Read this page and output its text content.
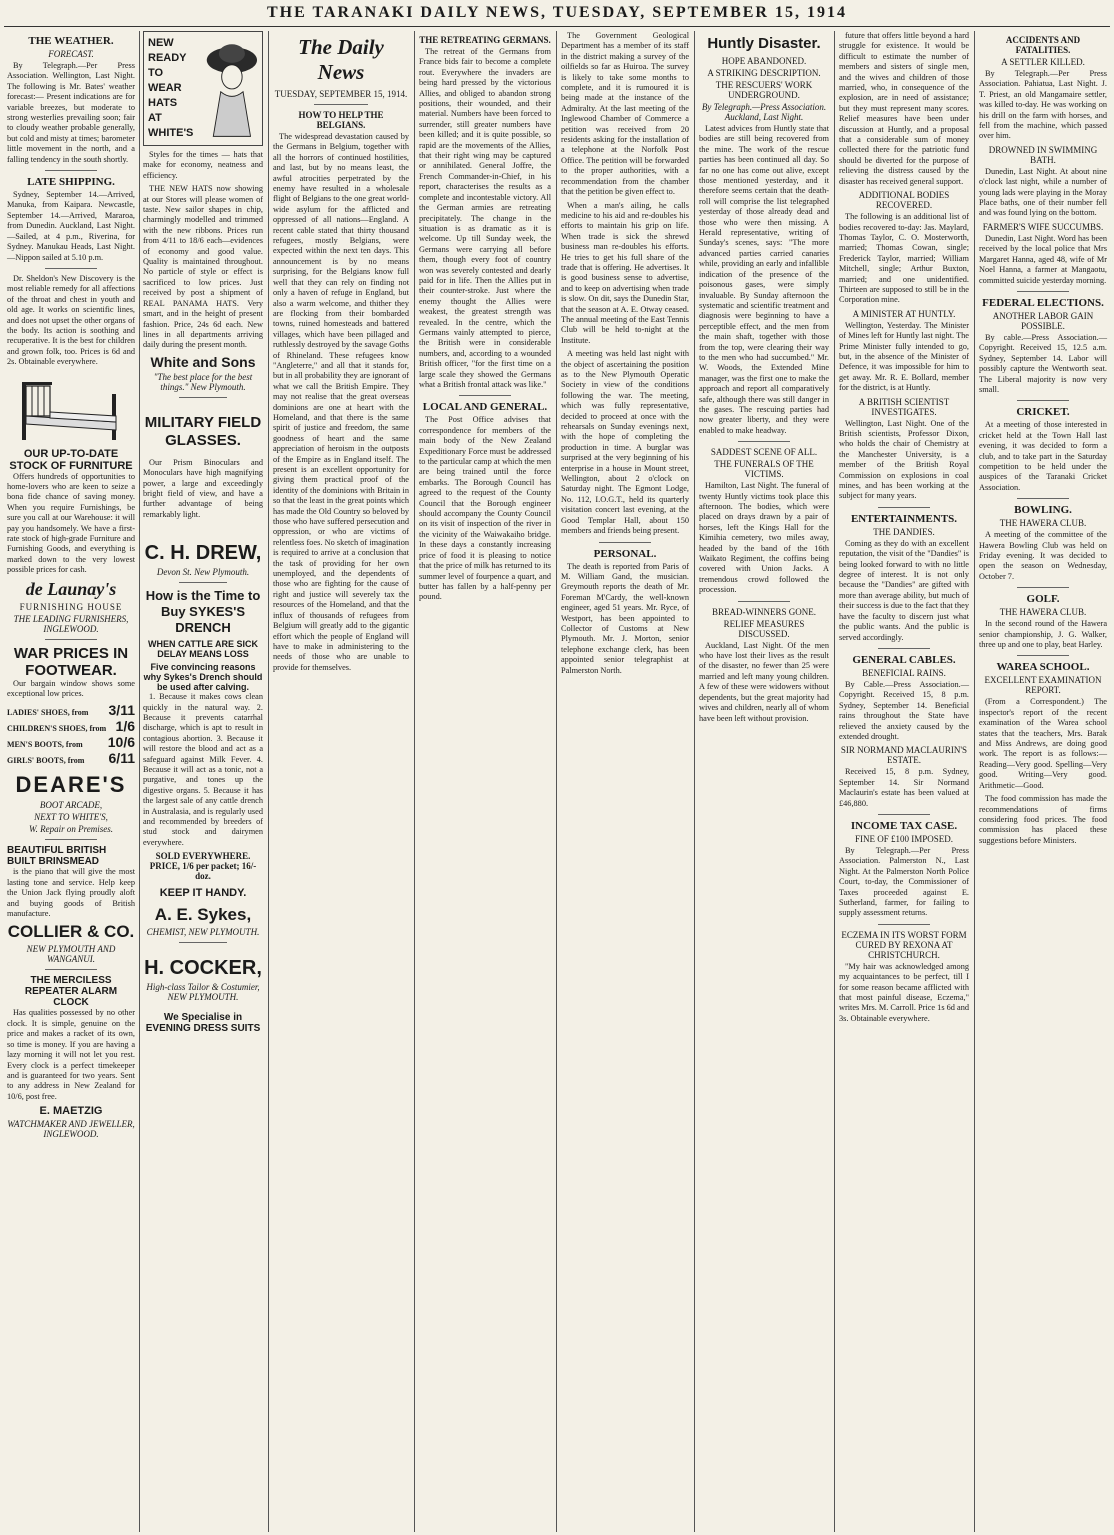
THE TARANAKI DAILY NEWS, TUESDAY, SEPTEMBER 15, 1914
THE WEATHER.
FORECAST.

By Telegraph.—Per Press Association. Wellington, Last Night. The following is Mr. Bates' weather forecast:— Present indications are for variable breezes, but moderate to strong westerlies prevailing soon; fair to cloudy weather probable generally, but cold and misty at times; barometer little movement in the north, and a falling tendency in the south shortly.

LATE SHIPPING.

Sydney, September 14.—Arrived, Manuka, from Kaipara. Newcastle, September 14.—Arrived, Mararoa, from Dunedin. Auckland, Last Night.—Sailed, at 4 p.m., Riverina, for Sydney. Manukau Heads, Last Night.—Nippon sailed at 5.10 p.m.

Dr. Sheldon's New Discovery is the most reliable remedy for all affections of the throat and chest in youth and old age. It works on scientific lines, and does not upset the other organs of the body. Its action is soothing and recuperative. It is the best for children and grown folk, too. Prices is 6d and 2s. Obtainable everywhere.

OUR UP-TO-DATE STOCK OF FURNITURE

Offers hundreds of opportunities to home-lovers who are keen to seize a bona fide chance of saving money. When you require Furnishings, be sure you call at our Warehouse: it will pay you handsomely. We have a first-rate stock of high-grade Furniture and Furnishing Goods, and everything is marked down to the very lowest possible prices for cash.

de Launay's
FURNISHING HOUSE
THE LEADING FURNISHERS, INGLEWOOD.
WAR PRICES IN FOOTWEAR.

Our bargain window shows some exceptional low prices.

LADIES' SHOES, from 3/11
CHILDREN'S SHOES, from 1/6
MEN'S BOOTS, from 10/6
GIRLS' BOOTS, from 6/11
DEARE'S
BOOT ARCADE,
NEXT TO WHITE'S,
W. Repair on Premises.
BEAUTIFUL BRITISH BUILT BRINSMEAD

is the piano that will give the most lasting tone and service. Help keep the Union Jack flying proudly aloft and buying goods of British manufacture.

COLLIER & CO.
NEW PLYMOUTH AND WANGANUI.
THE MERCILESS REPEATER ALARM CLOCK

Has qualities possessed by no other clock. It is simple, genuine on the price and makes a racket of its own, so time is money. If you are having a lazy morning it will not let you rest. Every clock is a perfect timekeeper and is guaranteed for two years. Sent to any address in New Zealand for 10/6, post free.

E. MAETZIG
WATCHMAKER AND JEWELLER, INGLEWOOD.
NEW
READY
TO
WEAR
HATS
AT
WHITE'S

Styles for the times — hats that make for economy, neatness and efficiency.

THE NEW HATS now showing at our Stores will please women of taste. New sailor shapes in chip, charmingly modelled and trimmed with the new ribbons. Prices run from 4/11 to 18/6 each—evidences of economy and good value. Quality is maintained throughout. No particle of style or effect is sacrificed to low prices. Just received by post a shipment of REAL PANAMA HATS. Very smart, and in the height of present fashion. Price, 24s 6d each. New lines in all departments arriving daily during the present month.

White and Sons
"The best place for the best things." New Plymouth.
MILITARY FIELD GLASSES.

Our Prism Binoculars and Monoculars have high magnifying power, a large and exceedingly bright field of view, and have a further advantage of being remarkably light.

C. H. DREW,
Devon St. New Plymouth.
How is the Time to Buy SYKES'S DRENCH
WHEN CATTLE ARE SICK DELAY MEANS LOSS
Five convincing reasons why Sykes's Drench should be used after calving.

1. Because it makes cows clean quickly in the natural way. 2. Because it prevents catarrhal discharge, which is apt to result in contagious abortion. 3. Because it will restore the blood and act as a safeguard against Milk Fever. 4. Because it will act as a tonic, not a purgative, and tones up the digestive organs. 5. Because it has the largest sale of any cattle drench in Australasia, and is regularly used and recommended by breeders of stud stock and dairymen everywhere.

SOLD EVERYWHERE. PRICE, 1/6 per packet; 16/- doz.
KEEP IT HANDY.
A. E. Sykes,
CHEMIST, NEW PLYMOUTH.
H. COCKER,
High-class Tailor & Costumier, NEW PLYMOUTH.
We Specialise in EVENING DRESS SUITS
The Daily News
TUESDAY, SEPTEMBER 15, 1914.
HOW TO HELP THE BELGIANS.

The widespread devastation caused by the Germans in Belgium, together with all the horrors of continued hostilities, and last, but by no means least, the awful atrocities perpetrated by the enemy have resulted in a wholesale flight of Belgians to the one great world-wide asylum for the afflicted and oppressed of all nations—England. A recent cable stated that thirty thousand refugees, mostly Belgians, were expected within the next ten days. This announcement is by no means surprising, for the Belgians know full well that they can rely on finding not only a haven of refuge in England, but also a warm welcome, and thither they are flocking from their bombarded towns, ruined homesteads and battered villages, which have been pillaged and ruthlessly destroyed by the savage Goths of Rhineland. These refugees know "Angleterre," and all that it stands for, but in all probability they are ignorant of what we call the British Empire. They may not realise that the great overseas dominions are one at heart with the Homeland, and that there is the same spirit of justice and freedom, the same goodness of heart and the same appreciation of heroism in the outposts of the Empire as in England itself. The present is an excellent opportunity for giving them practical proof of the identity of the dominions with Britain in so that the least in the great points which has made the Old Country so beloved by those who have suffered persecution and oppression, or who are victims of relentless foes. No sketch of imagination is required to arrive at a conclusion that the task of providing for her own unemployed, and the dependents of those who are fighting for the cause of right and justice will severely tax the resources of the Homeland, and that the influx of thousands of refugees from Belgium will greatly add to the gigantic effort which the people of England will have to make in administering to the needs of those who are unable to provide for themselves.

THE RETREATING GERMANS.

The retreat of the Germans from France bids fair to become a complete rout. Everywhere the invaders are being hard pressed by the victorious Allies, and obliged to abandon strong positions, their wounded, and their material. Numbers have been forced to surrender, still greater numbers have been killed; and it is quite possible, so rapid are the movements of the Allies, that their right wing may be captured or annihilated. General Joffre, the French Commander-in-Chief, in his report, characterises the results as a complete and incontestable victory. All the German armies are retreating precipitately. The change in the situation is as dramatic as it is welcome. Up till Sunday week, the Germans were carrying all before them, though every foot of country won was severely contested and dearly paid for in life. Then the Allies put in their counter-stroke. Just where the enemy thought the Allies were weakest, the greatest strength was revealed. In the centre, which the Germans vainly attempted to pierce, the British were in considerable numbers, and, according to a wounded British officer, "for the first time on a large scale they showed the Germans what a British frontal attack was like."

LOCAL AND GENERAL.

The Post Office advises that correspondence for members of the main body of the New Zealand Expeditionary Force must be addressed to the particular camp at which the men are being trained until the force embarks. The Borough Council has agreed to the request of the County Council that the Borough engineer should accompany the County Council on its visit of inspection of the river in the vicinity of the Waiwakaiho bridge. In these days a constantly increasing price of food it is pleasing to notice that the price of milk has returned to its summer level of fourpence a quart, and butter has fallen by a half-penny per pound.

The Government Geological Department has a member of its staff in the district making a survey of the oilfields so far as Huiroa. The survey is likely to take some months to complete, and it is rumoured it is being made at the instance of the Admiralty. At the last meeting of the Inglewood Chamber of Commerce a petition was received from 20 residents asking for the installation of a telephone at the Norfolk Post Office. The petition will be forwarded to the proper authorities, with a recommendation from the chamber that the petition be given effect to.

When a man's ailing, he calls medicine to his aid and re-doubles his efforts to maintain his grip on life. When trade is sick the shrewd business man re-doubles his efforts. He tries to get his full share of the trade that is offering. He advertises. It is good business sense to advertise, and to keep on advertising when trade is slow. On dit, says the Dunedin Star, that the season at A. E. Otway ceased. The annual meeting of the East Tennis Club will be held to-night at the Institute.

A meeting was held last night with the object of ascertaining the position as to the New Plymouth Operatic Society in view of the conditions following the war. The meeting, which was fully representative, decided to proceed at once with the rehearsals on Sunday evenings next, with the hope of completing the production in time. A burglar was surprised at the very beginning of his enterprise in a house in Mount street, Wellington, about 2 o'clock on Saturday night. The Egmont Lodge, No. 112, I.O.G.T., held its quarterly visitation concert last evening, at the Good Templar Hall, about 150 members and friends being present.

PERSONAL.

The death is reported from Paris of M. William Gand, the musician. Greymouth reports the death of Mr. Foreman M'Cardy, the well-known engineer, aged 51 years. Mr. Ryce, of Westport, has been appointed to Collector of Customs at New Plymouth. Mr. J. Morton, senior telephone exchange clerk, has been appointed senior telegraphist at Palmerston North.

Huntly Disaster.
HOPE ABANDONED.
A STRIKING DESCRIPTION.
THE RESCUERS' WORK UNDERGROUND.
By Telegraph.—Press Association. Auckland, Last Night.

Latest advices from Huntly state that bodies are still being recovered from the mine. The work of the rescue parties has been continued all day. So far no one has come out alive, except those mentioned yesterday, and it therefore seems certain that the death-roll will comprise the list telegraphed yesterday of those already dead and those who were then missing. A Herald representative, writing of Sunday's scenes, says: "The more advanced parties carried canaries while, providing an early and infallible indication of the presence of the poisonous gases, were simply invaluable. By Sunday afternoon the systematic and scientific treatment and diagnosis were beginning to have a perceptible effect, and the men from the main shaft, together with those from the top, were clearing their way to the men who had succumbed." Mr. W. Woods, the Extended Mine manager, was the first one to make the approach and report all comparatively safe, although there was still danger in the gases. The rescuing parties had now greater liberty, and they were enabled to make headway.

SADDEST SCENE OF ALL.
THE FUNERALS OF THE VICTIMS.

Hamilton, Last Night. The funeral of twenty Huntly victims took place this afternoon. The bodies, which were placed on drays drawn by a pair of horses, left the Kings Hall for the Kimihia cemetery, two miles away, headed by the band of the 16th Waikato Regiment, the coffins being covered with Union Jacks. A tremendous crowd followed the procession.

BREAD-WINNERS GONE.
RELIEF MEASURES DISCUSSED.

Auckland, Last Night. Of the men who have lost their lives as the result of the disaster, no fewer than 25 were married and left many young children. A few of these were widowers without dependents, but the great majority had wives and children, nearly all of whom have been left without provision.

future that offers little beyond a hard struggle for existence. It would be difficult to estimate the number of members and sisters of single men, and the wives and children of those married, who, in consequence of the explosion, are in need of assistance; but they must represent many scores. Relief measures have been under discussion at Huntly, and a proposal that a considerable sum of money collected there for the patriotic fund should be diverted for the purpose of relieving the distress caused by the disaster has received general support.

ADDITIONAL BODIES RECOVERED.

The following is an additional list of bodies recovered to-day: Jas. Maylard, Thomas Taylor, C. O. Mosterworth, married; Thomas Cowan, single; Frederick Taylor, married; William Mitchell, single; Arthur Buxton, married; and one unidentified. Thirteen are supposed to still be in the Corporation mine.

A MINISTER AT HUNTLY.

Wellington, Yesterday. The Minister of Mines left for Huntly last night. The Prime Minister fully intended to go, but, in the absence of the Minister of Defence, it was impossible for him to get away. Mr. R. E. Bollard, member for the district, is at Huntly.

A BRITISH SCIENTIST INVESTIGATES.

Wellington, Last Night. One of the British scientists, Professor Dixon, who holds the chair of Chemistry at the Manchester University, is a member of the British Royal Commission on explosions in coal mines, and has been working at the subject for many years.

ENTERTAINMENTS.
THE DANDIES.

Coming as they do with an excellent reputation, the visit of the "Dandies" is being looked forward to with no little degree of interest. It is not only because the "Dandies" are gifted with more than average ability, but much of their success is due to the fact that they have the faculty to discern just what the public wants. And the public is served accordingly.

GENERAL CABLES.
BENEFICIAL RAINS.

By Cable.—Press Association.—Copyright. Received 15, 8 p.m. Sydney, September 14. Beneficial rains throughout the State have relieved the anxiety caused by the extended drought.

SIR NORMAND MACLAURIN'S ESTATE.

Received 15, 8 p.m. Sydney, September 14. Sir Normand Maclaurin's estate has been valued at £46,880.

INCOME TAX CASE.
FINE OF £100 IMPOSED.

By Telegraph.—Per Press Association. Palmerston N., Last Night. At the Palmerston North Police Court, to-day, the Commissioner of Taxes proceeded against E. Sutherland, farmer, for failing to supply assessment returns.

ECZEMA IN ITS WORST FORM CURED BY REXONA AT CHRISTCHURCH.

"My hair was acknowledged among my acquaintances to be perfect, till I for some reason became afflicted with that most painful disease, Eczema," writes Mrs. M. Carroll. Price 1s 6d and 3s. Obtainable everywhere.

ACCIDENTS AND FATALITIES.
A SETTLER KILLED.

By Telegraph.—Per Press Association. Pahiatua, Last Night. J. T. Priest, an old Mangamaire settler, was killed to-day. He was working on his drill on the farm with horses, and fell from the machine, which passed over him.

DROWNED IN SWIMMING BATH.

Dunedin, Last Night. At about nine o'clock last night, while a number of young lads were playing in the Moray Place baths, one of their number fell and was found lying on the bottom.

FARMER'S WIFE SUCCUMBS.

Dunedin, Last Night. Word has been received by the local police that Mrs Margaret Hanna, aged 48, wife of Mr Noel Hanna, a farmer at Mangaotu, committed suicide yesterday morning.

FEDERAL ELECTIONS.
ANOTHER LABOR GAIN POSSIBLE.

By cable.—Press Association.—Copyright. Received 15, 12.5 a.m. Sydney, September 14. Labor will possibly capture the Wentworth seat. The Liberal majority is now very small.

CRICKET.

At a meeting of those interested in cricket held at the Town Hall last evening, it was decided to form a club, and to take part in the Saturday competition to be held under the auspices of the Taranaki Cricket Association.

BOWLING.
THE HAWERA CLUB.

A meeting of the committee of the Hawera Bowling Club was held on Friday evening. It was decided to open the season on Wednesday, October 7.

GOLF.
THE HAWERA CLUB.

In the second round of the Hawera senior championship, J. G. Walker, three up and one to play, beat Harley.

WAREA SCHOOL.
EXCELLENT EXAMINATION REPORT.

(From a Correspondent.) The inspector's report of the recent examination of the Warea school states that the teachers, Mrs. Barak and Miss Andrews, are doing good work. The report is as follows:— Reading—Very good. Spelling—Very good. Writing—Very good. Arithmetic—Good.

The food commission has made the recommendations of firms considering food prices. The food commission has placed these suggestions before Ministers.
